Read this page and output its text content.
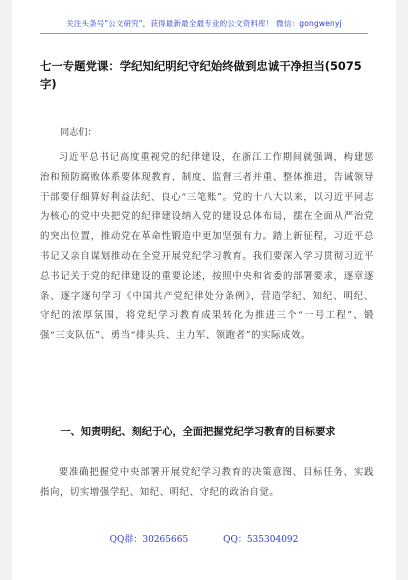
关注头条号"公文研究"，获得最新最全最专业的公文资料库！ 微信：gongwenyj
七一专题党课：学纪知纪明纪守纪始终做到忠诚干净担当(5075字)
同志们：

习近平总书记高度重视党的纪律建设，在浙江工作期间就强调，构建惩治和预防腐败体系要体现教育、制度、监督三者并重、整体推进，告诫领导干部要仔细算好利益法纪、良心“三笔账”。党的十八大以来，以习近平同志为核心的党中央把党的纪律建设纳入党的建设总体布局，摆在全面从严治党的突出位置，推动党在革命性锻造中更加坚强有力。踏上新征程，习近平总书记又亲自谋划推动在全党开展党纪学习教育。我们要深入学习贯彻习近平总书记关于党的纪律建设的重要论述，按照中央和省委的部署要求，逐章逐条、逐字逐句学习《中国共产党纪律处分条例》，营造学纪、知纪、明纪、守纪的浓厚氛围，将党纪学习教育成果转化为推进三个“一号工程”、锻强“三支队伍”、勇当“排头兵、主力军、领跑者”的实际成效。

一、知责明纪、刻纪于心，全面把握党纪学习教育的目标要求

要准确把握党中央部署开展党纪学习教育的决策意图、目标任务、实践指向，切实增强学纪、知纪、明纪、守纪的政治自觉。

QQ群：30265665	QQ：535304092
